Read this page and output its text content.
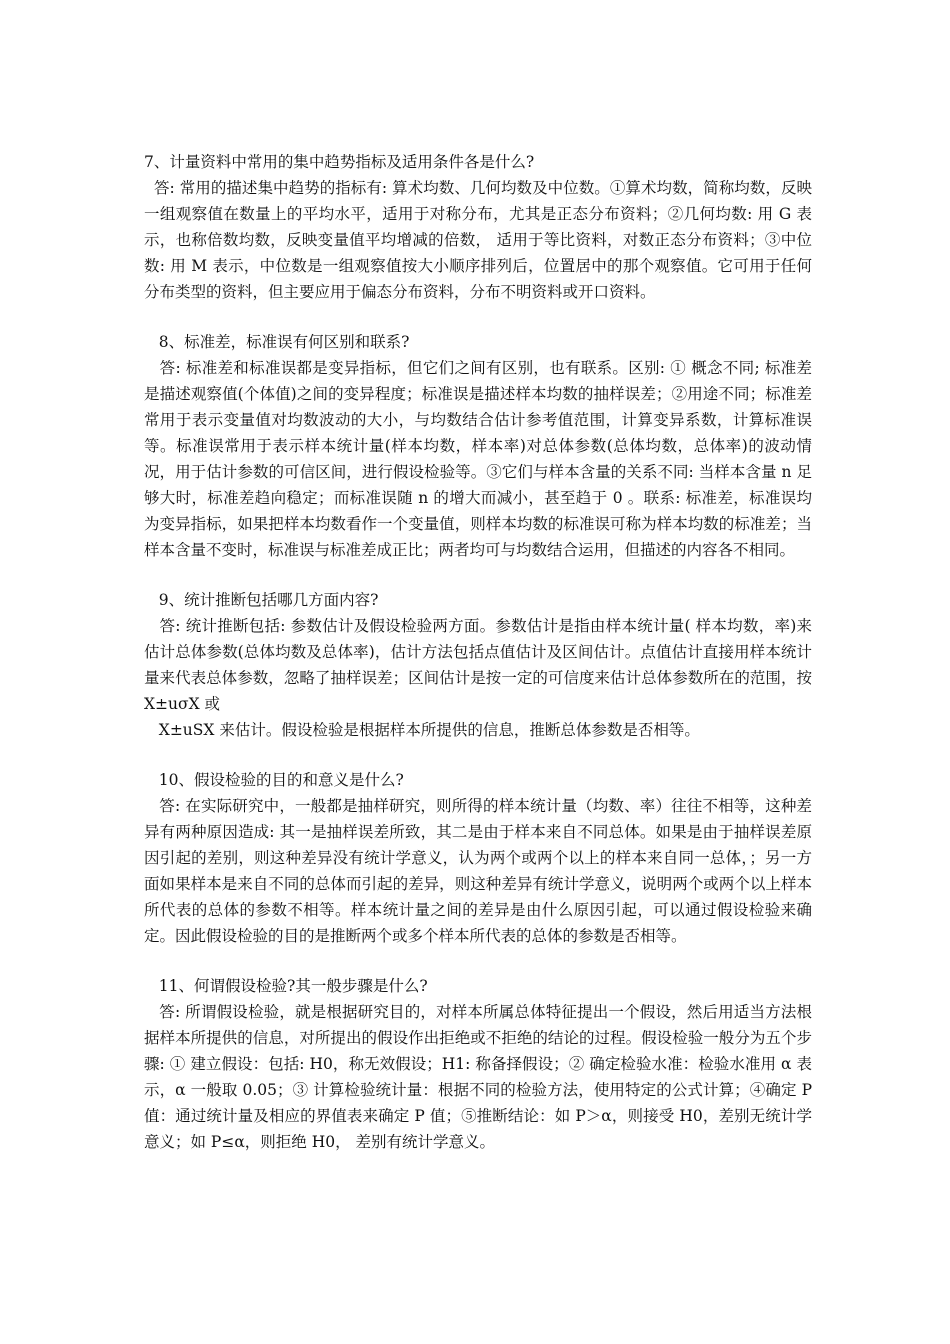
7、计量资料中常用的集中趋势指标及适用条件各是什么?

答: 常用的描述集中趋势的指标有: 算术均数、几何均数及中位数。①算术均数，简称均数，反映一组观察值在数量上的平均水平，适用于对称分布，尤其是正态分布资料；②几何均数: 用 G 表示，也称倍数均数，反映变量值平均增减的倍数， 适用于等比资料，对数正态分布资料；③中位数: 用 M 表示，中位数是一组观察值按大小顺序排列后，位置居中的那个观察值。它可用于任何分布类型的资料，但主要应用于偏态分布资料，分布不明资料或开口资料。

8、标准差，标准误有何区别和联系?

答: 标准差和标准误都是变异指标，但它们之间有区别，也有联系。区别: ① 概念不同; 标准差是描述观察值(个体值)之间的变异程度；标准误是描述样本均数的抽样误差；②用途不同；标准差常用于表示变量值对均数波动的大小，与均数结合估计参考值范围，计算变异系数，计算标准误等。标准误常用于表示样本统计量(样本均数，样本率)对总体参数(总体均数，总体率)的波动情况，用于估计参数的可信区间，进行假设检验等。③它们与样本含量的关系不同: 当样本含量 n 足够大时，标准差趋向稳定；而标准误随 n 的增大而减小，甚至趋于 0 。联系: 标准差，标准误均为变异指标，如果把样本均数看作一个变量值，则样本均数的标准误可称为样本均数的标准差；当样本含量不变时，标准误与标准差成正比；两者均可与均数结合运用，但描述的内容各不相同。

9、统计推断包括哪几方面内容?

答: 统计推断包括: 参数估计及假设检验两方面。参数估计是指由样本统计量( 样本均数，率)来估计总体参数(总体均数及总体率)，估计方法包括点值估计及区间估计。点值估计直接用样本统计量来代表总体参数，忽略了抽样误差；区间估计是按一定的可信度来估计总体参数所在的范围，按 X±uσX 或

X±uSX 来估计。假设检验是根据样本所提供的信息，推断总体参数是否相等。

10、假设检验的目的和意义是什么?

答: 在实际研究中，一般都是抽样研究，则所得的样本统计量（均数、率）往往不相等，这种差异有两种原因造成: 其一是抽样误差所致，其二是由于样本来自不同总体。如果是由于抽样误差原因引起的差别，则这种差异没有统计学意义，认为两个或两个以上的样本来自同一总体，；另一方面如果样本是来自不同的总体而引起的差异，则这种差异有统计学意义，说明两个或两个以上样本所代表的总体的参数不相等。样本统计量之间的差异是由什么原因引起，可以通过假设检验来确定。因此假设检验的目的是推断两个或多个样本所代表的总体的参数是否相等。

11、何谓假设检验?其一般步骤是什么?

答: 所谓假设检验，就是根据研究目的，对样本所属总体特征提出一个假设，然后用适当方法根据样本所提供的信息，对所提出的假设作出拒绝或不拒绝的结论的过程。假设检验一般分为五个步骤: ① 建立假设：包括: H0，称无效假设；H1: 称备择假设；② 确定检验水准：检验水准用 α 表示，α 一般取 0.05；③ 计算检验统计量：根据不同的检验方法，使用特定的公式计算；④确定 P 值：通过统计量及相应的界值表来确定 P 值；⑤推断结论：如 P＞α，则接受 H0，差别无统计学意义；如 P≤α，则拒绝 H0， 差别有统计学意义。
